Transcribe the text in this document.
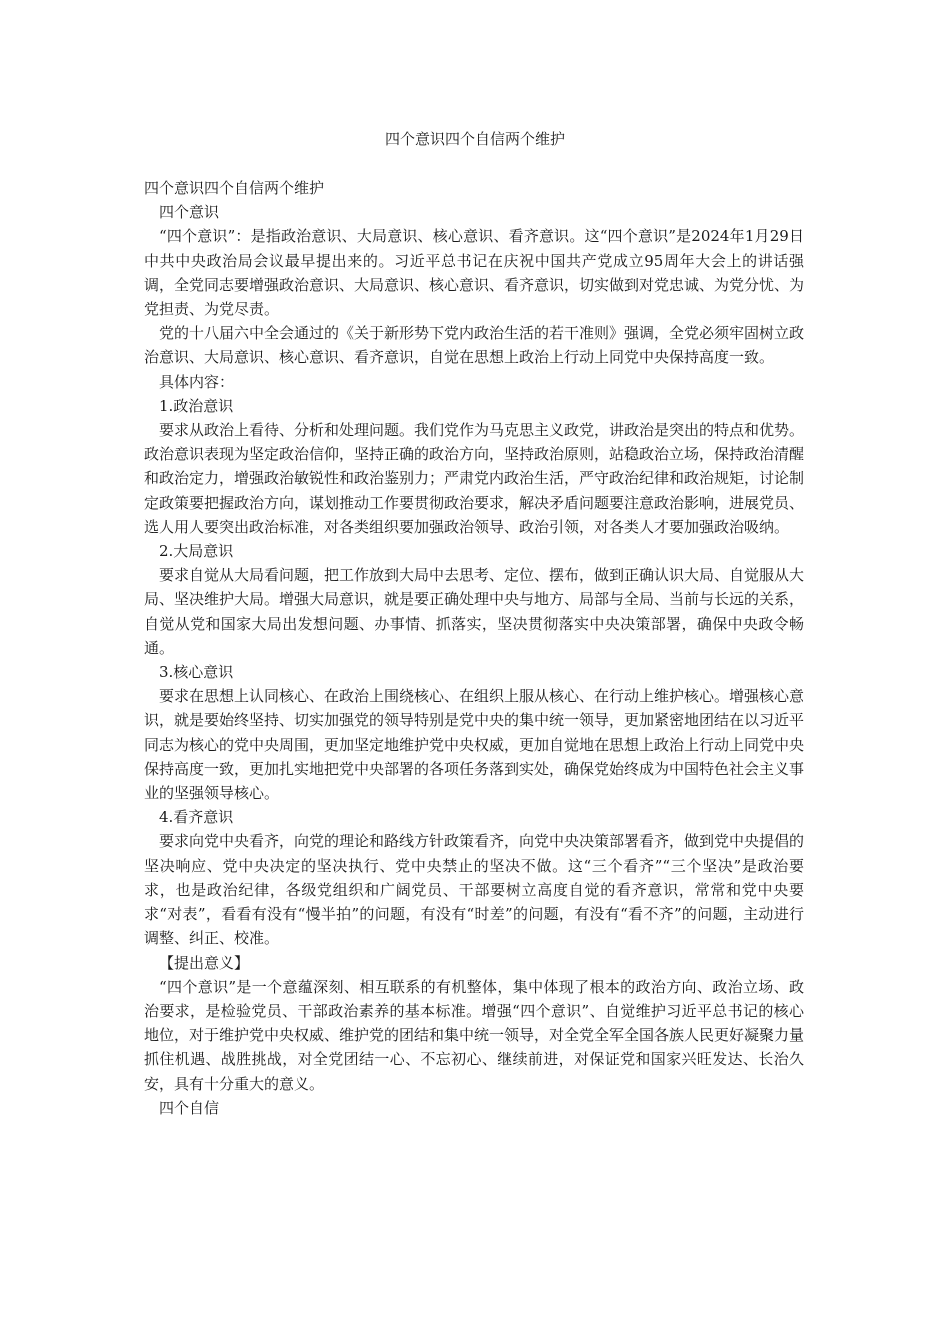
四个意识四个自信两个维护

四个意识四个自信两个维护

四个意识

“四个意识”：是指政治意识、大局意识、核心意识、看齐意识。这“四个意识”是2024年1月29日中共中央政治局会议最早提出来的。习近平总书记在庆祝中国共产党成立95周年大会上的讲话强调，全党同志要增强政治意识、大局意识、核心意识、看齐意识，切实做到对党忠诚、为党分忧、为党担责、为党尽责。

党的十八届六中全会通过的《关于新形势下党内政治生活的若干准则》强调，全党必须牢固树立政治意识、大局意识、核心意识、看齐意识，自觉在思想上政治上行动上同党中央保持高度一致。

具体内容：

1.政治意识

要求从政治上看待、分析和处理问题。我们党作为马克思主义政党，讲政治是突出的特点和优势。政治意识表现为坚定政治信仰，坚持正确的政治方向，坚持政治原则，站稳政治立场，保持政治清醒和政治定力，增强政治敏锐性和政治鉴别力；严肃党内政治生活，严守政治纪律和政治规矩，讨论制定政策要把握政治方向，谋划推动工作要贯彻政治要求，解决矛盾问题要注意政治影响，进展党员、选人用人要突出政治标准，对各类组织要加强政治领导、政治引领，对各类人才要加强政治吸纳。

2.大局意识

要求自觉从大局看问题，把工作放到大局中去思考、定位、摆布，做到正确认识大局、自觉服从大局、坚决维护大局。增强大局意识，就是要正确处理中央与地方、局部与全局、当前与长远的关系，自觉从党和国家大局出发想问题、办事情、抓落实，坚决贯彻落实中央决策部署，确保中央政令畅通。

3.核心意识

要求在思想上认同核心、在政治上围绕核心、在组织上服从核心、在行动上维护核心。增强核心意识，就是要始终坚持、切实加强党的领导特别是党中央的集中统一领导，更加紧密地团结在以习近平同志为核心的党中央周围，更加坚定地维护党中央权威，更加自觉地在思想上政治上行动上同党中央保持高度一致，更加扎实地把党中央部署的各项任务落到实处，确保党始终成为中国特色社会主义事业的坚强领导核心。

4.看齐意识

要求向党中央看齐，向党的理论和路线方针政策看齐，向党中央决策部署看齐，做到党中央提倡的坚决响应、党中央决定的坚决执行、党中央禁止的坚决不做。这“三个看齐”“三个坚决”是政治要求，也是政治纪律，各级党组织和广阔党员、干部要树立高度自觉的看齐意识，常常和党中央要求“对表”，看看有没有“慢半拍”的问题，有没有“时差”的问题，有没有“看不齐”的问题，主动进行调整、纠正、校准。

【提出意义】

“四个意识”是一个意蕴深刻、相互联系的有机整体，集中体现了根本的政治方向、政治立场、政治要求，是检验党员、干部政治素养的基本标准。增强“四个意识”、自觉维护习近平总书记的核心地位，对于维护党中央权威、维护党的团结和集中统一领导，对全党全军全国各族人民更好凝聚力量抓住机遇、战胜挑战，对全党团结一心、不忘初心、继续前进，对保证党和国家兴旺发达、长治久安，具有十分重大的意义。

四个自信
